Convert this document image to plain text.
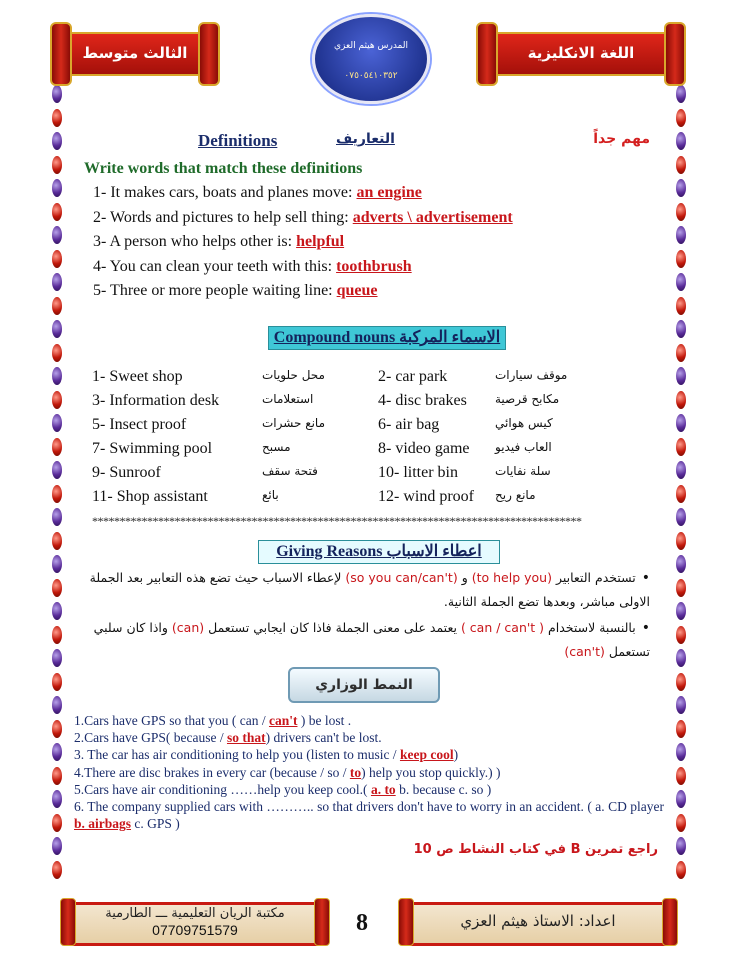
الثالث متوسط	المدرس هيثم العزي
٠٧٥٠٥٤١٠٣٥٢
اللغة الانكليزية
Definitions	التعاريف	مهم جداً
Write words that match these definitions
1- It makes cars, boats and planes move: an engine
2- Words and pictures to help sell thing: adverts \ advertisement
3- A person who helps other is: helpful
4- You can clean your teeth with this: toothbrush
5- Three or more people waiting line: queue
Compound nouns الاسماء المركبة
1- Sweet shop	محل حلويات	2- car park	موقف سيارات
3- Information desk	استعلامات	4- disc brakes مكابح قرصية
5- Insect proof	مانع حشرات	6- air bag	كيس هوائي
7- Swimming pool	مسبح	8- video game العاب فيديو
9- Sunroof	فتحة سقف	10- litter bin	سلة نفايات
11- Shop assistant	بائع	12- wind proof مانع ريح
*****************************************************************************************
Giving Reasons اعطاء الاسباب
•تستخدم التعابير (to help you) و (so you can/can't) لإعطاء الاسباب حيث تضع هذه التعابير بعد الجملة الاولى مباشر، وبعدها تضع الجملة الثانية.
•بالنسبة لاستخدام ( can / can't ) يعتمد على معنى الجملة فاذا كان ايجابي تستعمل (can) واذا كان سلبي تستعمل (can't)
النمط الوزاري
1.Cars have GPS so that you ( can / can't ) be lost .
2.Cars have GPS( because / so that) drivers can't be lost.
3. The car has air conditioning to help you (listen to music / keep cool)
4.There are disc brakes in every car (because / so / to) help you stop quickly.) )
5.Cars have air conditioning ……help you keep cool.( a. to b. because c. so )
6. The company supplied cars with ……….. so that drivers don't have to worry in an accident. ( a. CD player b. airbags c. GPS )
راجع تمرين B في كتاب النشاط ص 10
مكتبة الريان التعليمية ـــ الطارمية
07709751579	8	اعداد: الاستاذ هيثم العزي
